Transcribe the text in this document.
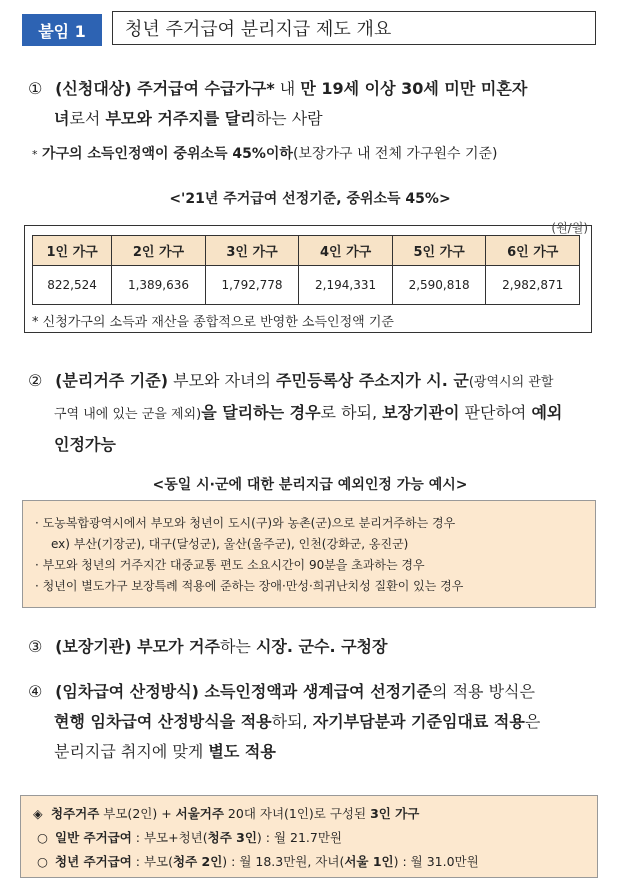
붙임 1	청년 주거급여 분리지급 제도 개요
① (신청대상) 주거급여 수급가구* 내 만 19세 이상 30세 미만 미혼자
녀로서 부모와 거주지를 달리하는 사람
* 가구의 소득인정액이 중위소득 45%이하(보장가구 내 전체 가구원수 기준)
<'21년 주거급여 선정기준, 중위소득 45%>
(원/월)
1인 가구	2인 가구	3인 가구	4인 가구	5인 가구	6인 가구
822,524	1,389,636	1,792,778	2,194,331	2,590,818	2,982,871
* 신청가구의 소득과 재산을 종합적으로 반영한 소득인정액 기준
② (분리거주 기준) 부모와 자녀의 주민등록상 주소지가 시. 군(광역시의 관할
구역 내에 있는 군을 제외)을 달리하는 경우로 하되, 보장기관이 판단하여 예외
인정가능
<동일 시·군에 대한 분리지급 예외인정 가능 예시>
· 도농복합광역시에서 부모와 청년이 도시(구)와 농촌(군)으로 분리거주하는 경우
ex) 부산(기장군), 대구(달성군), 울산(울주군), 인천(강화군, 옹진군)
· 부모와 청년의 거주지간 대중교통 편도 소요시간이 90분을 초과하는 경우
· 청년이 별도가구 보장특례 적용에 준하는 장애·만성·희귀난치성 질환이 있는 경우
③ (보장기관) 부모가 거주하는 시장. 군수. 구청장
④ (임차급여 산정방식) 소득인정액과 생계급여 선정기준의 적용 방식은
현행 임차급여 산정방식을 적용하되, 자기부담분과 기준임대료 적용은
분리지급 취지에 맞게 별도 적용
◈ 청주거주 부모(2인) + 서울거주 20대 자녀(1인)로 구성된 3인 가구
○ 일반 주거급여 : 부모+청년(청주 3인) : 월 21.7만원
○ 청년 주거급여 : 부모(청주 2인) : 월 18.3만원, 자녀(서울 1인) : 월 31.0만원
